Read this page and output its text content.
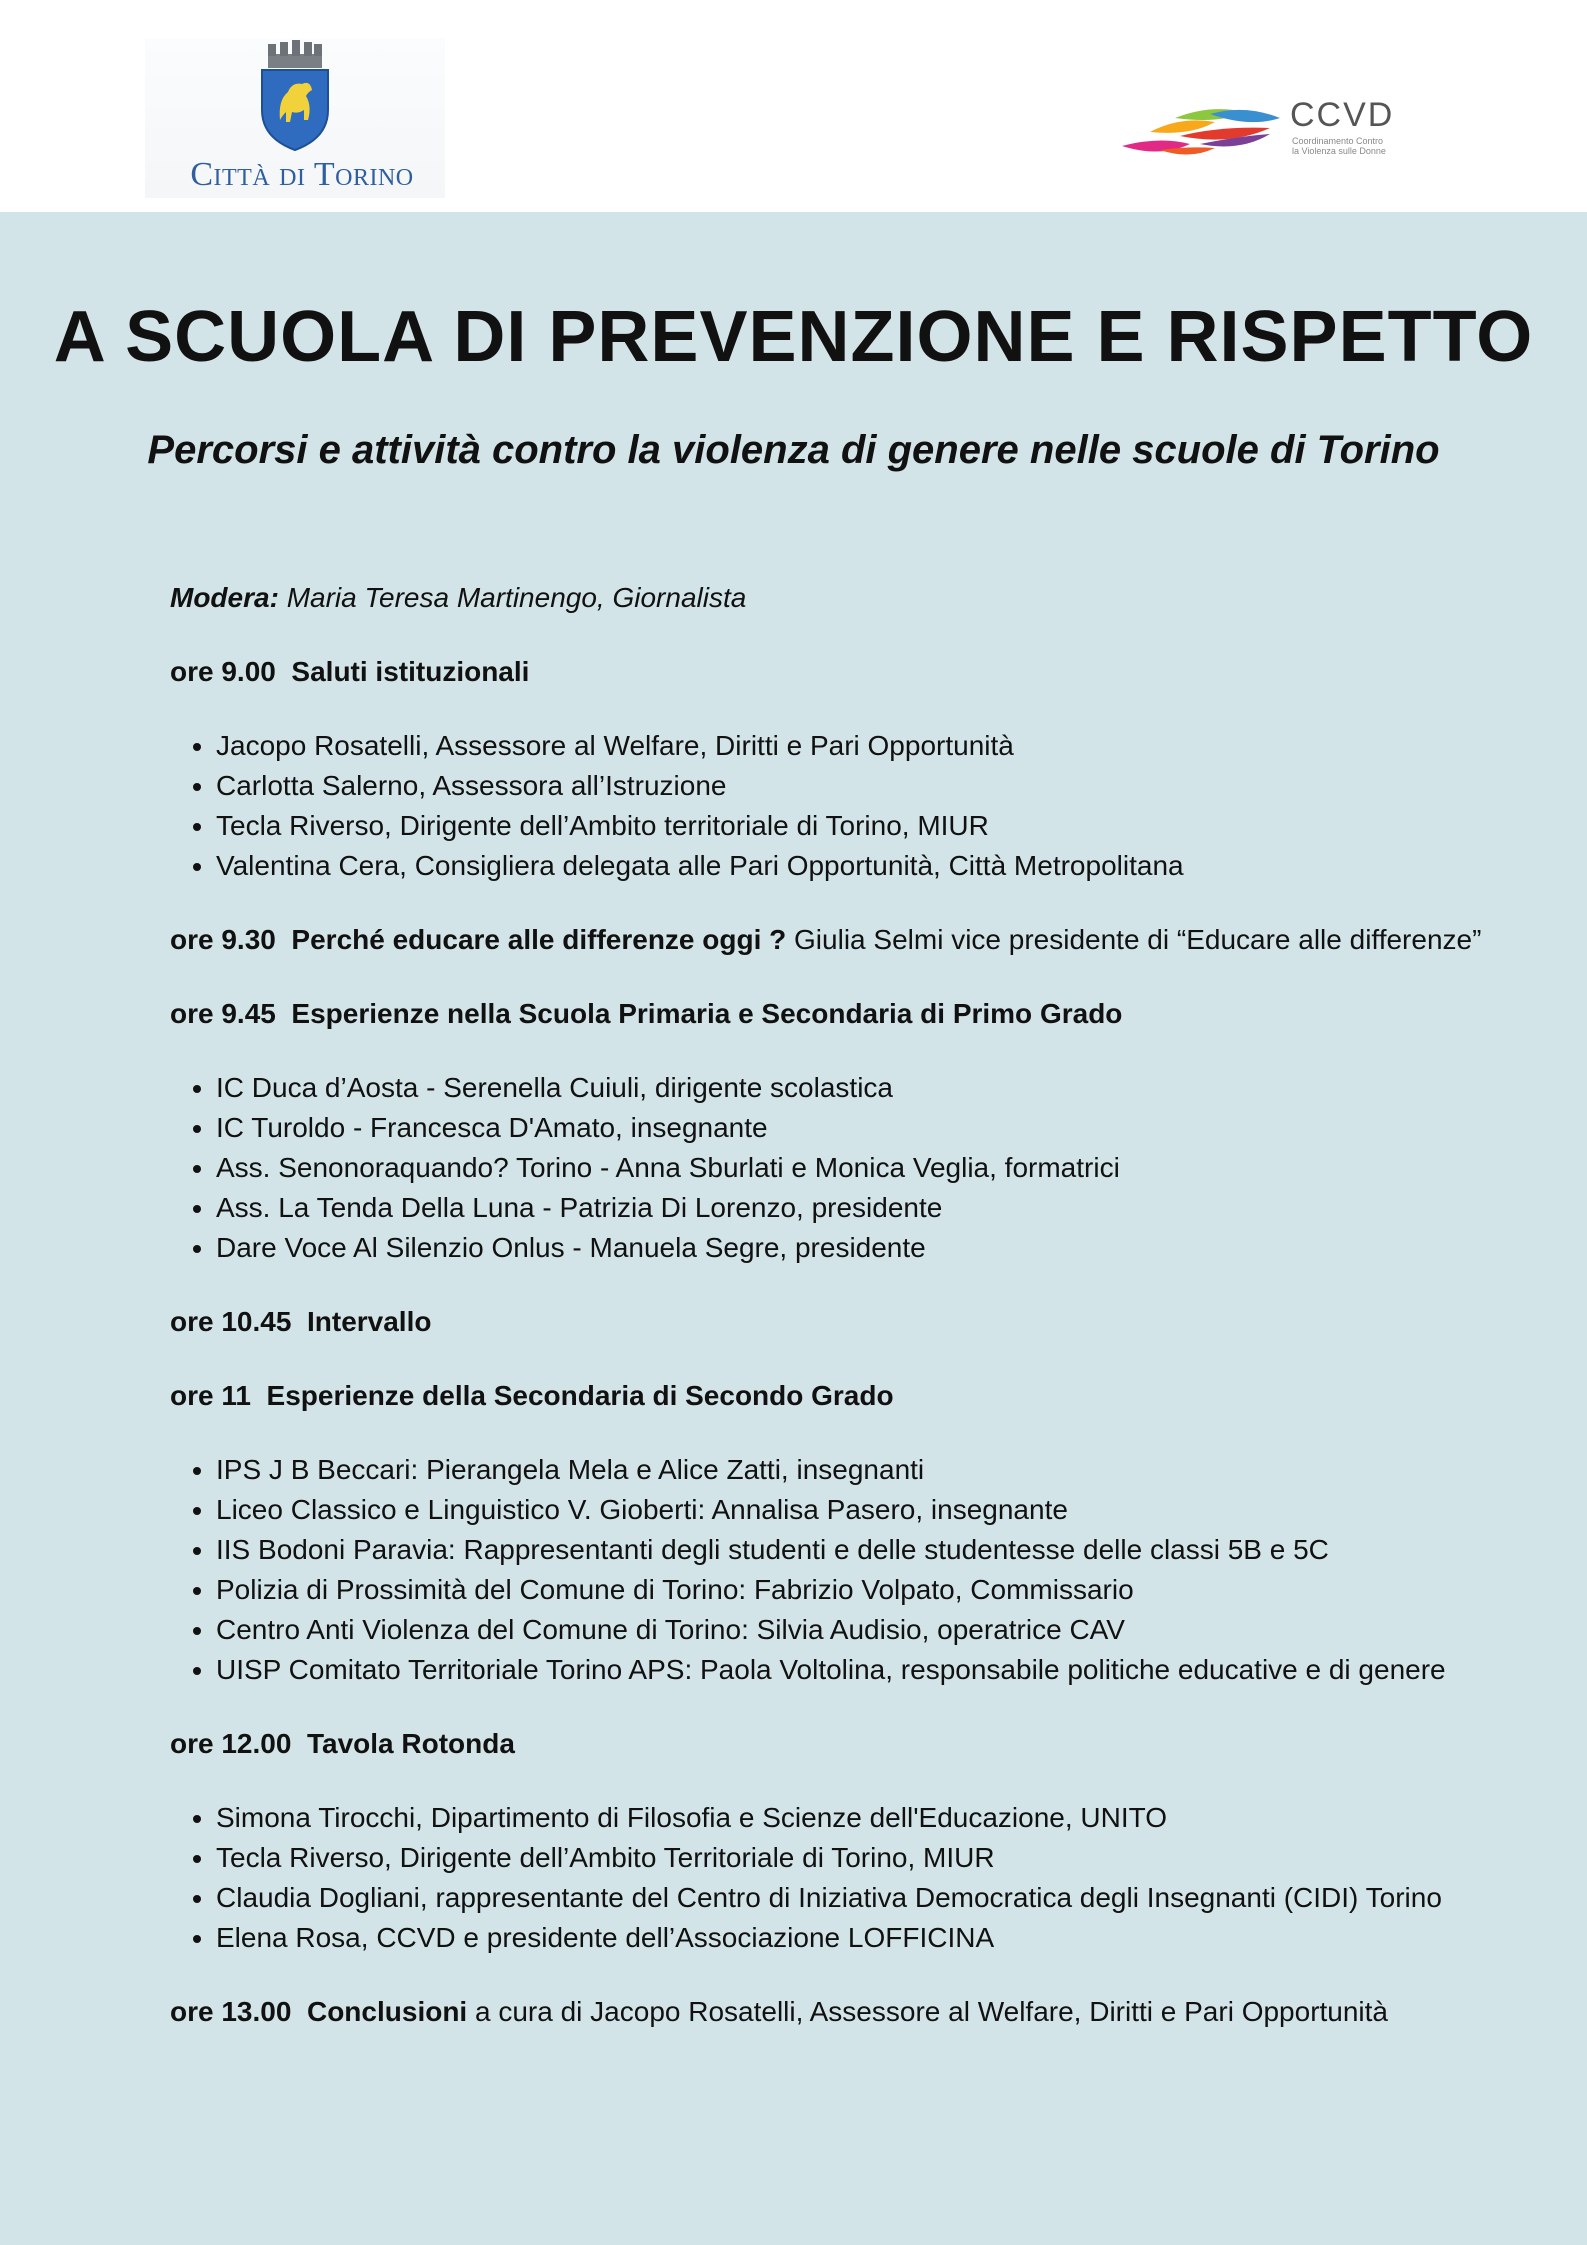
Città di Torino
CCVD
Coordinamento Contro la Violenza sulle Donne
A SCUOLA DI PREVENZIONE E RISPETTO
Percorsi e attività contro la violenza di genere nelle scuole di Torino

Modera: Maria Teresa Martinengo, Giornalista

ore 9.00 Saluti istituzionali

• Jacopo Rosatelli, Assessore al Welfare, Diritti e Pari Opportunità
• Carlotta Salerno, Assessora all’Istruzione
• Tecla Riverso, Dirigente dell’Ambito territoriale di Torino, MIUR
• Valentina Cera, Consigliera delegata alle Pari Opportunità, Città Metropolitana

ore 9.30 Perché educare alle differenze oggi ? Giulia Selmi vice presidente di “Educare alle differenze”

ore 9.45 Esperienze nella Scuola Primaria e Secondaria di Primo Grado

• IC Duca d’Aosta - Serenella Cuiuli, dirigente scolastica
• IC Turoldo - Francesca D'Amato, insegnante
• Ass. Senonoraquando? Torino - Anna Sburlati e Monica Veglia, formatrici
• Ass. La Tenda Della Luna - Patrizia Di Lorenzo, presidente
• Dare Voce Al Silenzio Onlus - Manuela Segre, presidente

ore 10.45 Intervallo

ore 11 Esperienze della Secondaria di Secondo Grado

• IPS J B Beccari: Pierangela Mela e Alice Zatti, insegnanti
• Liceo Classico e Linguistico V. Gioberti: Annalisa Pasero, insegnante
• IIS Bodoni Paravia: Rappresentanti degli studenti e delle studentesse delle classi 5B e 5C
• Polizia di Prossimità del Comune di Torino: Fabrizio Volpato, Commissario
• Centro Anti Violenza del Comune di Torino: Silvia Audisio, operatrice CAV
• UISP Comitato Territoriale Torino APS: Paola Voltolina, responsabile politiche educative e di genere

ore 12.00 Tavola Rotonda

• Simona Tirocchi, Dipartimento di Filosofia e Scienze dell'Educazione, UNITO
• Tecla Riverso, Dirigente dell’Ambito Territoriale di Torino, MIUR
• Claudia Dogliani, rappresentante del Centro di Iniziativa Democratica degli Insegnanti (CIDI) Torino
• Elena Rosa, CCVD e presidente dell’Associazione LOFFICINA

ore 13.00 Conclusioni a cura di Jacopo Rosatelli, Assessore al Welfare, Diritti e Pari Opportunità
